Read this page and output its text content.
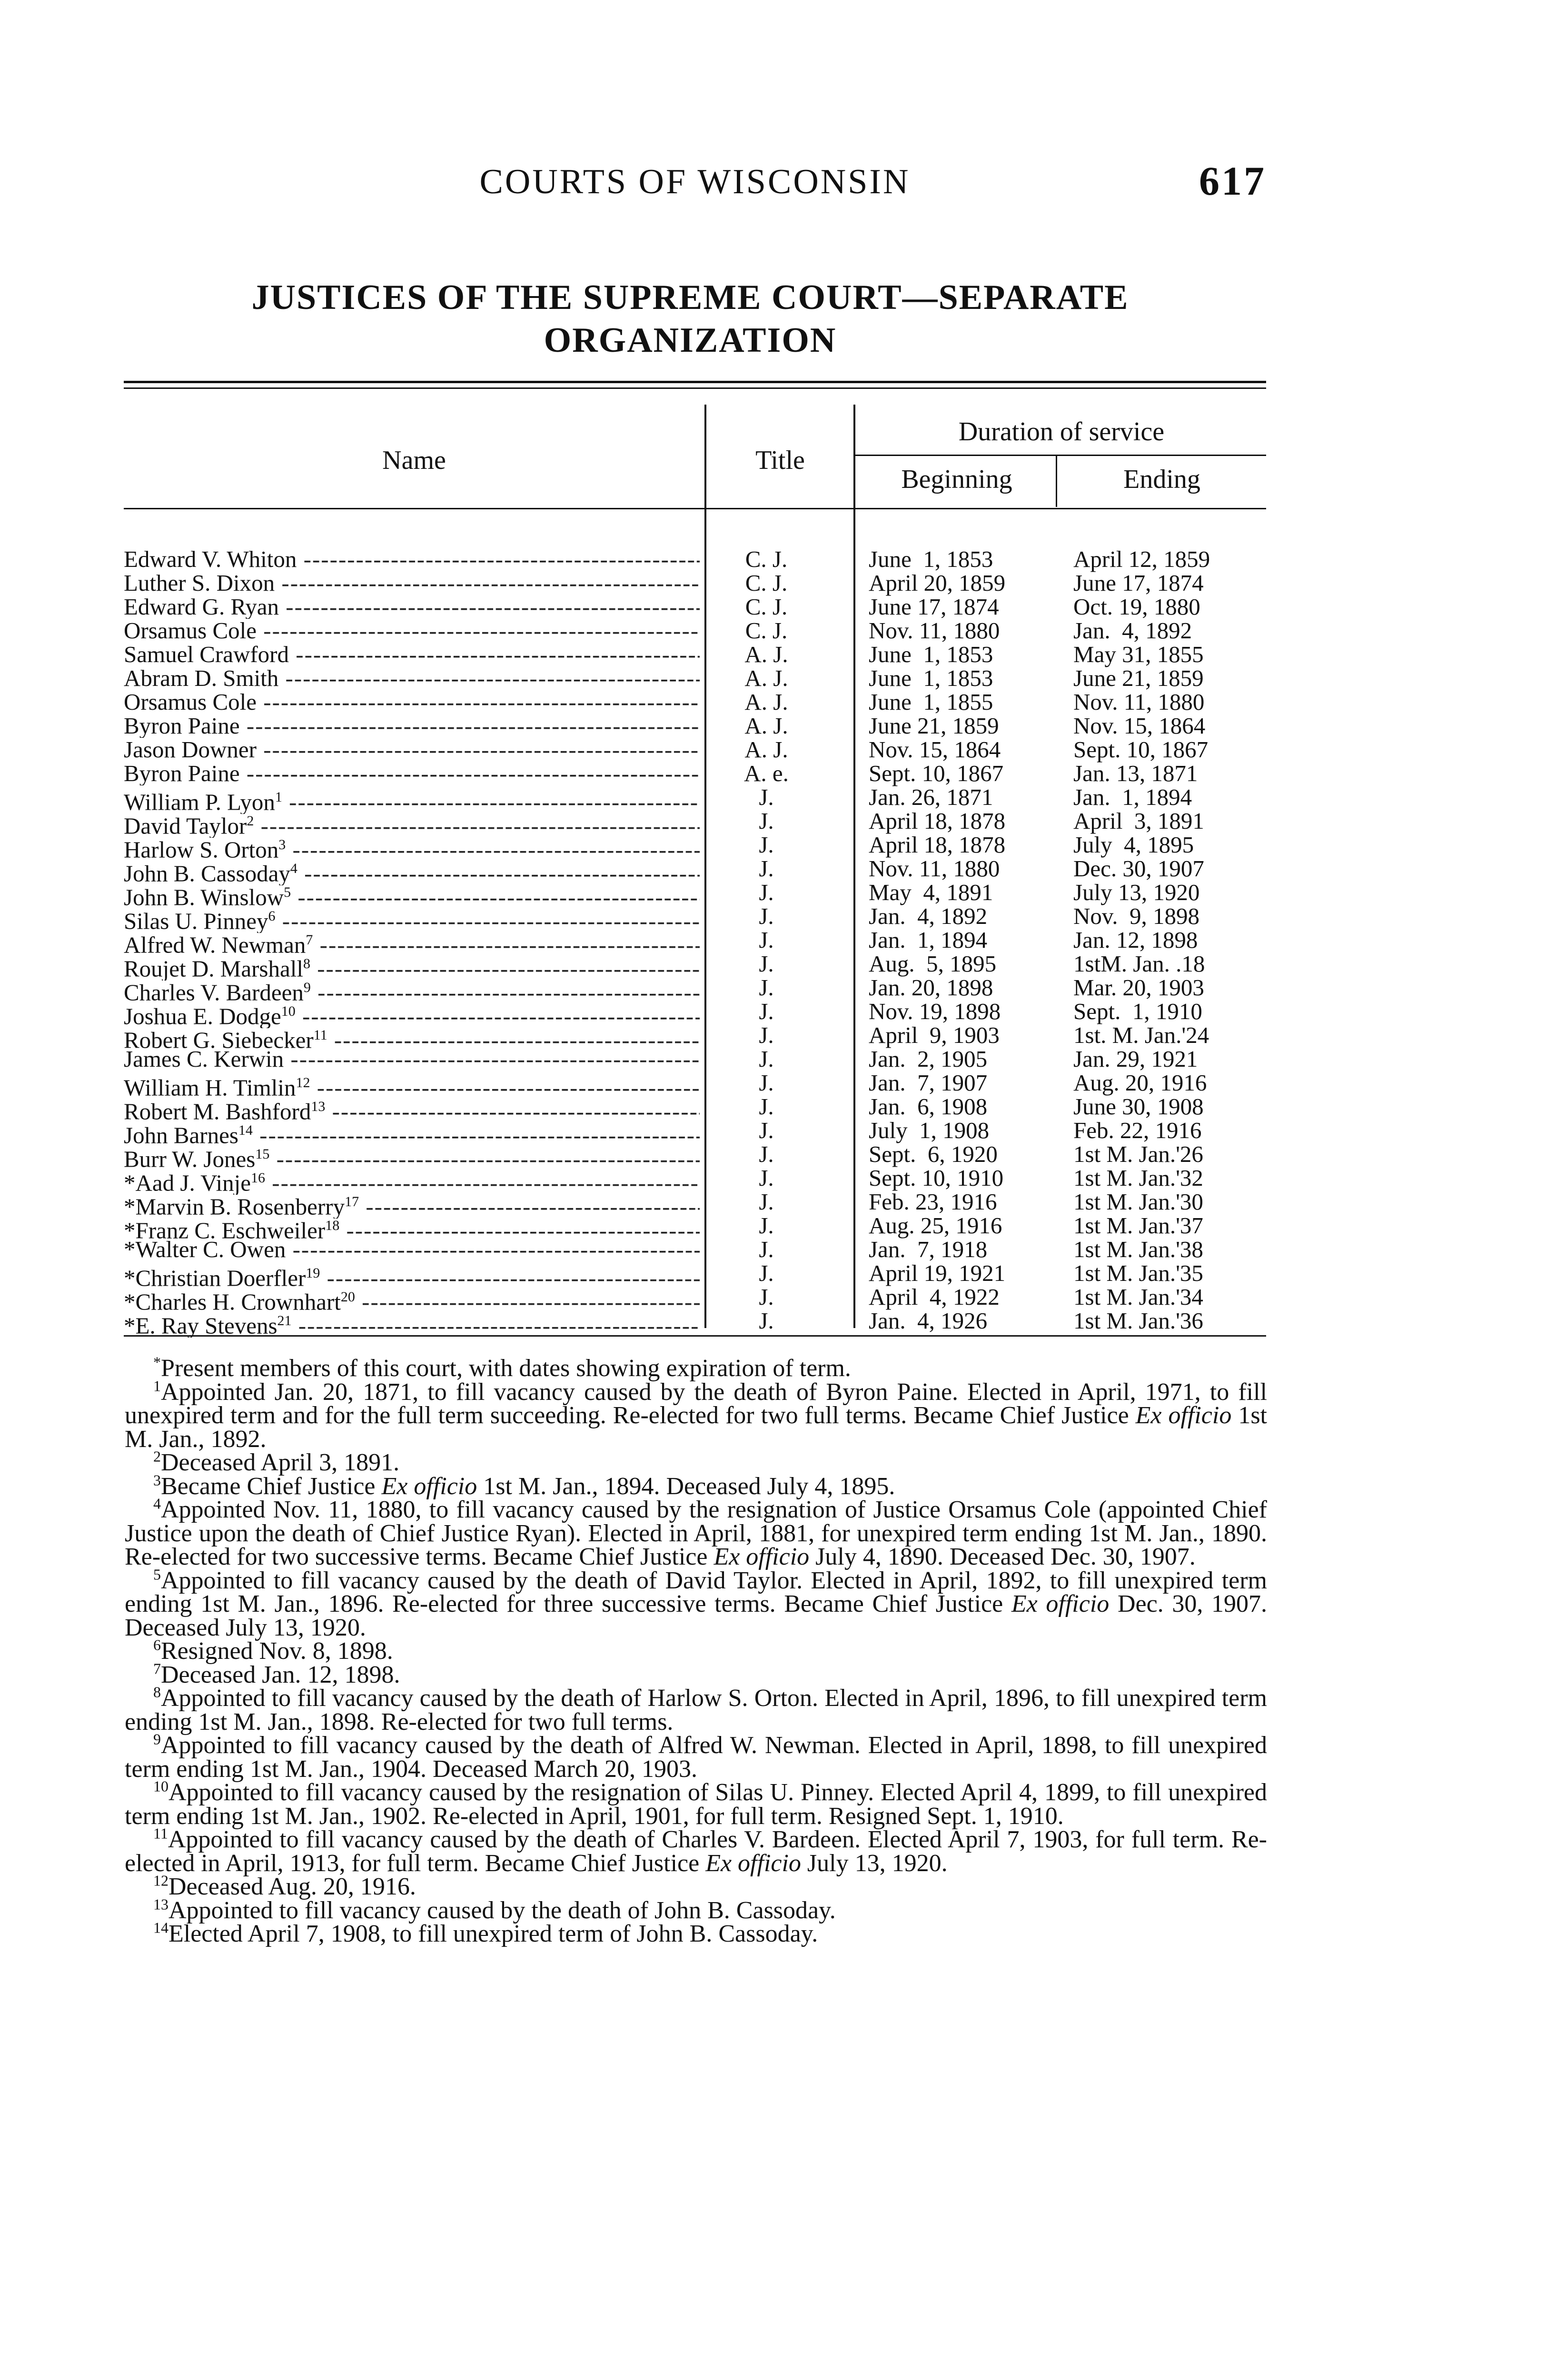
COURTS OF WISCONSIN	617
JUSTICES OF THE SUPREME COURT—SEPARATE
ORGANIZATION
Name	Title
Duration of service
Beginning	Ending
Edward V. Whiton -----	C. J.	June  1, 1853	April 12, 1859
Luther S. Dixon -----	C. J.	April 20, 1859	June 17, 1874
Edward G. Ryan -----	C. J.	June 17, 1874	Oct. 19, 1880
Orsamus Cole -----	C. J.	Nov. 11, 1880	Jan.  4, 1892
Samuel Crawford -----	A. J.	June  1, 1853	May 31, 1855
Abram D. Smith -----	A. J.	June  1, 1853	June 21, 1859
Orsamus Cole -----	A. J.	June  1, 1855	Nov. 11, 1880
Byron Paine -----	A. J.	June 21, 1859	Nov. 15, 1864
Jason Downer -----	A. J.	Nov. 15, 1864	Sept. 10, 1867
Byron Paine -----	A. e.	Sept. 10, 1867	Jan. 13, 1871
William P. Lyon$^1$ -----	J.	Jan. 26, 1871	Jan.  1, 1894
David Taylor$^2$ -----	J.	April 18, 1878	April  3, 1891
Harlow S. Orton$^3$ -----	J.	April 18, 1878	July  4, 1895
John B. Cassoday$^4$ -----	J.	Nov. 11, 1880	Dec. 30, 1907
John B. Winslow$^5$ -----	J.	May  4, 1891	July 13, 1920
Silas U. Pinney$^6$ -----	J.	Jan.  4, 1892	Nov.  9, 1898
Alfred W. Newman$^7$ -----	J.	Jan.  1, 1894	Jan. 12, 1898
Roujet D. Marshall$^8$ -----	J.	Aug.  5, 1895	1stM. Jan. .18
Charles V. Bardeen$^9$ -----	J.	Jan. 20, 1898	Mar. 20, 1903
Joshua E. Dodge$^{10}$ -----	J.	Nov. 19, 1898	Sept.  1, 1910
Robert G. Siebecker$^{11}$ -----	J.	April  9, 1903	1st. M. Jan.'24
James C. Kerwin -----	J.	Jan.  2, 1905	Jan. 29, 1921
William H. Timlin$^{12}$ -----	J.	Jan.  7, 1907	Aug. 20, 1916
Robert M. Bashford$^{13}$ -----	J.	Jan.  6, 1908	June 30, 1908
John Barnes$^{14}$ -----	J.	July  1, 1908	Feb. 22, 1916
Burr W. Jones$^{15}$ -----	J.	Sept.  6, 1920	1st M. Jan.'26
*Aad J. Vinje$^{16}$ -----	J.	Sept. 10, 1910	1st M. Jan.'32
*Marvin B. Rosenberry$^{17}$ -----	J.	Feb. 23, 1916	1st M. Jan.'30
*Franz C. Eschweiler$^{18}$ -----	J.	Aug. 25, 1916	1st M. Jan.'37
*Walter C. Owen -----	J.	Jan.  7, 1918	1st M. Jan.'38
*Christian Doerfler$^{19}$ -----	J.	April 19, 1921	1st M. Jan.'35
*Charles H. Crownhart$^{20}$ -----	J.	April  4, 1922	1st M. Jan.'34
*E. Ray Stevens$^{21}$ -----	J.	Jan.  4, 1926	1st M. Jan.'36

*Present members of this court, with dates showing expiration of term.

$^1$Appointed Jan. 20, 1871, to fill vacancy caused by the death of Byron Paine. Elected in April, 1971, to fill unexpired term and for the full term succeeding. Re-elected for two full terms. Became Chief Justice Ex officio 1st M. Jan., 1892.

$^2$Deceased April 3, 1891.

$^3$Became Chief Justice Ex officio 1st M. Jan., 1894. Deceased July 4, 1895.

$^4$Appointed Nov. 11, 1880, to fill vacancy caused by the resignation of Justice Orsamus Cole (appointed Chief Justice upon the death of Chief Justice Ryan). Elected in April, 1881, for unexpired term ending 1st M. Jan., 1890. Re-elected for two successive terms. Became Chief Justice Ex officio July 4, 1890. Deceased Dec. 30, 1907.

$^5$Appointed to fill vacancy caused by the death of David Taylor. Elected in April, 1892, to fill unexpired term ending 1st M. Jan., 1896. Re-elected for three successive terms. Became Chief Justice Ex officio Dec. 30, 1907. Deceased July 13, 1920.

$^6$Resigned Nov. 8, 1898.

$^7$Deceased Jan. 12, 1898.

$^8$Appointed to fill vacancy caused by the death of Harlow S. Orton. Elected in April, 1896, to fill unexpired term ending 1st M. Jan., 1898. Re-elected for two full terms.

$^9$Appointed to fill vacancy caused by the death of Alfred W. Newman. Elected in April, 1898, to fill unexpired term ending 1st M. Jan., 1904. Deceased March 20, 1903.

$^{10}$Appointed to fill vacancy caused by the resignation of Silas U. Pinney. Elected April 4, 1899, to fill unexpired term ending 1st M. Jan., 1902. Re-elected in April, 1901, for full term. Resigned Sept. 1, 1910.

$^{11}$Appointed to fill vacancy caused by the death of Charles V. Bardeen. Elected April 7, 1903, for full term. Re-elected in April, 1913, for full term. Became Chief Justice Ex officio July 13, 1920.

$^{12}$Deceased Aug. 20, 1916.

$^{13}$Appointed to fill vacancy caused by the death of John B. Cassoday.

$^{14}$Elected April 7, 1908, to fill unexpired term of John B. Cassoday.
